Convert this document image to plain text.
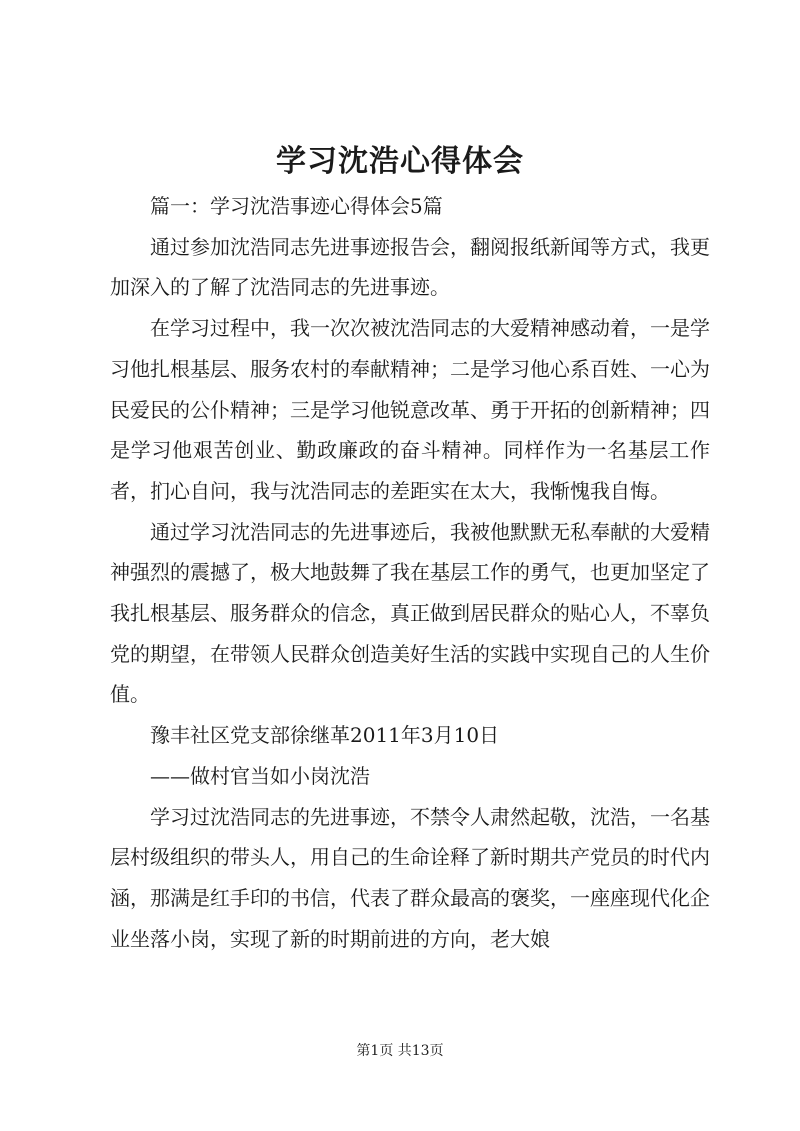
学习沈浩心得体会

篇一：学习沈浩事迹心得体会5篇

通过参加沈浩同志先进事迹报告会，翻阅报纸新闻等方式，我更加深入的了解了沈浩同志的先进事迹。

在学习过程中，我一次次被沈浩同志的大爱精神感动着，一是学习他扎根基层、服务农村的奉献精神；二是学习他心系百姓、一心为民爱民的公仆精神；三是学习他锐意改革、勇于开拓的创新精神；四是学习他艰苦创业、勤政廉政的奋斗精神。同样作为一名基层工作者，扪心自问，我与沈浩同志的差距实在太大，我惭愧我自悔。

通过学习沈浩同志的先进事迹后，我被他默默无私奉献的大爱精神强烈的震撼了，极大地鼓舞了我在基层工作的勇气，也更加坚定了我扎根基层、服务群众的信念，真正做到居民群众的贴心人，不辜负党的期望，在带领人民群众创造美好生活的实践中实现自己的人生价值。

豫丰社区党支部徐继革2011年3月10日

——做村官当如小岗沈浩

学习过沈浩同志的先进事迹，不禁令人肃然起敬，沈浩，一名基层村级组织的带头人，用自己的生命诠释了新时期共产党员的时代内涵，那满是红手印的书信，代表了群众最高的褒奖，一座座现代化企业坐落小岗，实现了新的时期前进的方向，老大娘

第1页 共13页
